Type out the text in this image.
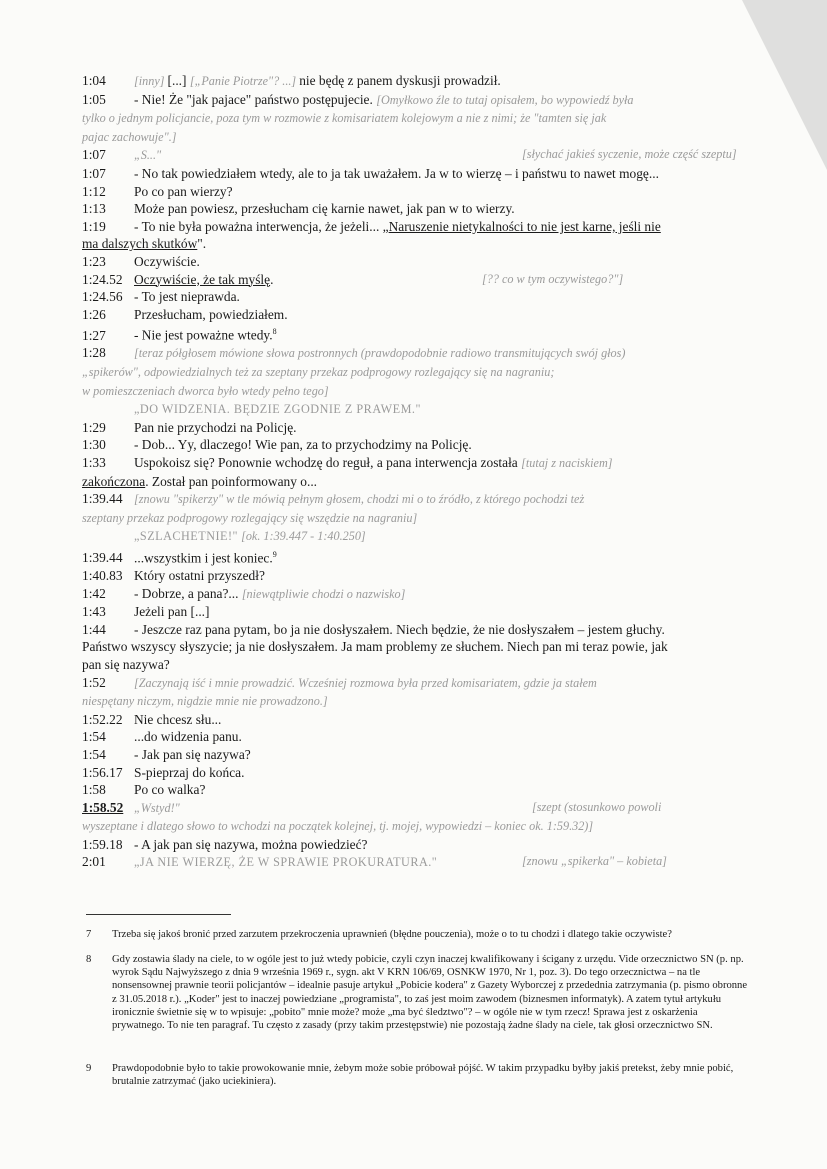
1:04 [inny] [...] [„Panie Piotrze"? ...] nie będę z panem dyskusji prowadził.
1:05 - Nie! Że "jak pajace" państwo postępujecie. [Omyłkowo źle to tutaj opisałem, bo wypowiedź była
tylko o jednym policjancie, poza tym w rozmowie z komisariatem kolejowym a nie z nimi; że "tamten się jak
pajac zachowuje".]
1:07 „S..."	[słychać jakieś syczenie, może część szeptu]
1:07 - No tak powiedziałem wtedy, ale to ja tak uważałem. Ja w to wierzę – i państwu to nawet mogę...
1:12 Po co pan wierzy?
1:13 Może pan powiesz, przesłucham cię karnie nawet, jak pan w to wierzy.
1:19 - To nie była poważna interwencja, że jeżeli... „Naruszenie nietykalności to nie jest karne, jeśli nie
ma dalszych skutków".
1:23 Oczywiście.
1:24.52 Oczywiście, że tak myślę.	[?? co w tym oczywistego?"]
1:24.56 - To jest nieprawda.
1:26 Przesłucham, powiedziałem.
1:27 - Nie jest poważne wtedy.$^8$
1:28 [teraz półgłosem mówione słowa postronnych (prawdopodobnie radiowo transmitujących swój głos)
„spikerów", odpowiedzialnych też za szeptany przekaz podprogowy rozlegający się na nagraniu;
w pomieszczeniach dworca było wtedy pełno tego]
„DO WIDZENIA. BĘDZIE ZGODNIE Z PRAWEM."
1:29 Pan nie przychodzi na Policję.
1:30 - Dob... Yy, dlaczego! Wie pan, za to przychodzimy na Policję.
1:33 Uspokoisz się? Ponownie wchodzę do reguł, a pana interwencja została [tutaj z naciskiem]
zakończona. Został pan poinformowany o...
1:39.44 [znowu "spikerzy" w tle mówią pełnym głosem, chodzi mi o to źródło, z którego pochodzi też
szeptany przekaz podprogowy rozlegający się wszędzie na nagraniu]
„SZLACHETNIE!" [ok. 1:39.447 - 1:40.250]
1:39.44 ...wszystkim i jest koniec.$^9$
1:40.83 Który ostatni przyszedł?
1:42 - Dobrze, a pana?... [niewątpliwie chodzi o nazwisko]
1:43 Jeżeli pan [...]
1:44 - Jeszcze raz pana pytam, bo ja nie dosłyszałem. Niech będzie, że nie dosłyszałem – jestem głuchy.
Państwo wszyscy słyszycie; ja nie dosłyszałem. Ja mam problemy ze słuchem. Niech pan mi teraz powie, jak
pan się nazywa?
1:52 [Zaczynają iść i mnie prowadzić. Wcześniej rozmowa była przed komisariatem, gdzie ja stałem
niespętany niczym, nigdzie mnie nie prowadzono.]
1:52.22 Nie chcesz słu...
1:54 ...do widzenia panu.
1:54 - Jak pan się nazywa?
1:56.17 S-pieprzaj do końca.
1:58 Po co walka?
1:58.52 „Wstyd!"	[szept (stosunkowo powoli
wyszeptane i dlatego słowo to wchodzi na początek kolejnej, tj. mojej, wypowiedzi – koniec ok. 1:59.32)]
1:59.18 - A jak pan się nazywa, można powiedzieć?
2:01 „JA NIE WIERZĘ, ŻE W SPRAWIE PROKURATURA."	[znowu „spikerka" – kobieta]
7 Trzeba się jakoś bronić przed zarzutem przekroczenia uprawnień (błędne pouczenia), może o to tu chodzi i dlatego takie oczywiste?
8 Gdy zostawia ślady na ciele, to w ogóle jest to już wtedy pobicie, czyli czyn inaczej kwalifikowany i ścigany z urzędu. Vide orzecznictwo SN (p. np. wyrok Sądu Najwyższego z dnia 9 września 1969 r., sygn. akt V KRN 106/69, OSNKW 1970, Nr 1, poz. 3). Do tego orzecznictwa – na tle nonsensownej prawnie teorii policjantów – idealnie pasuje artykuł „Pobicie kodera" z Gazety Wyborczej z przedednia zatrzymania (p. pismo obronne z 31.05.2018 r.). „Koder" jest to inaczej powiedziane „programista", to zaś jest moim zawodem (biznesmen informatyk). A zatem tytuł artykułu ironicznie świetnie się w to wpisuje: „pobito" mnie może? może „ma być śledztwo"? – w ogóle nie w tym rzecz! Sprawa jest z oskarżenia prywatnego. To nie ten paragraf. Tu często z zasady (przy takim przestępstwie) nie pozostają żadne ślady na ciele, tak głosi orzecznictwo SN.
9 Prawdopodobnie było to takie prowokowanie mnie, żebym może sobie próbował pójść. W takim przypadku byłby jakiś pretekst, żeby mnie pobić, brutalnie zatrzymać (jako uciekiniera).
